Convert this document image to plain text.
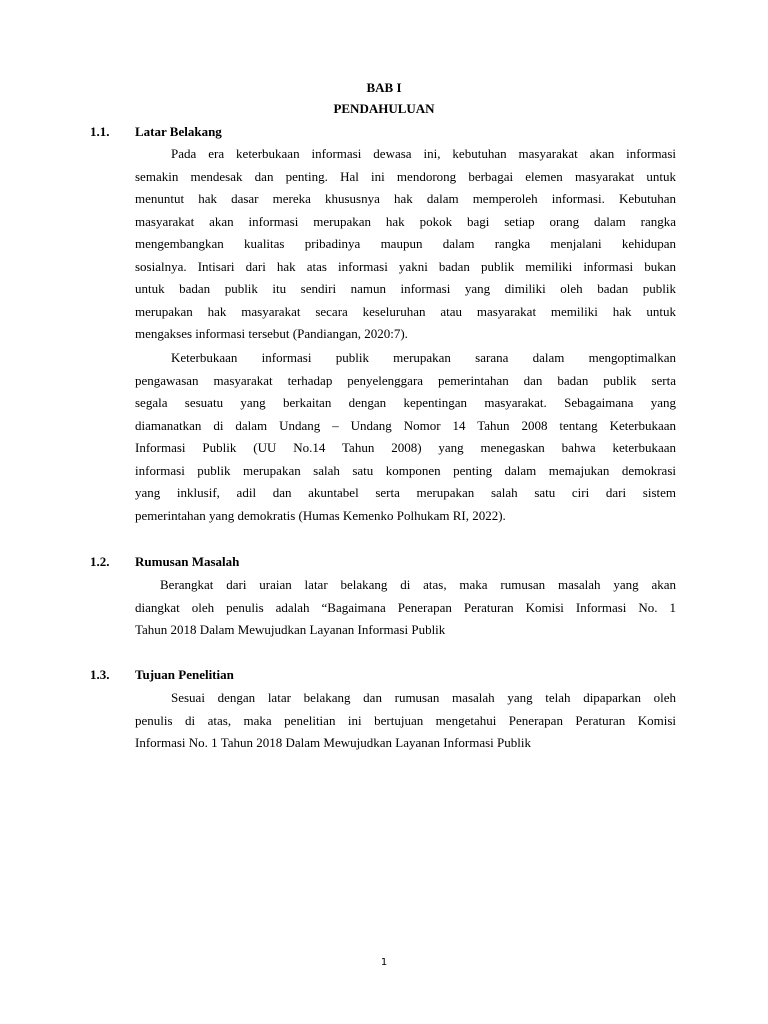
BAB I
PENDAHULUAN
1.1. Latar Belakang
Pada era keterbukaan informasi dewasa ini, kebutuhan masyarakat akan informasi
semakin mendesak dan penting. Hal ini mendorong berbagai elemen masyarakat untuk
menuntut hak dasar mereka khususnya hak dalam memperoleh informasi. Kebutuhan
masyarakat akan informasi merupakan hak pokok bagi setiap orang dalam rangka
mengembangkan kualitas pribadinya maupun dalam rangka menjalani kehidupan
sosialnya. Intisari dari hak atas informasi yakni badan publik memiliki informasi bukan
untuk badan publik itu sendiri namun informasi yang dimiliki oleh badan publik
merupakan hak masyarakat secara keseluruhan atau masyarakat memiliki hak untuk
mengakses informasi tersebut (Pandiangan, 2020:7).
Keterbukaan informasi publik merupakan sarana dalam mengoptimalkan
pengawasan masyarakat terhadap penyelenggara pemerintahan dan badan publik serta
segala sesuatu yang berkaitan dengan kepentingan masyarakat. Sebagaimana yang
diamanatkan di dalam Undang – Undang Nomor 14 Tahun 2008 tentang Keterbukaan
Informasi Publik (UU No.14 Tahun 2008) yang menegaskan bahwa keterbukaan
informasi publik merupakan salah satu komponen penting dalam memajukan demokrasi
yang inklusif, adil dan akuntabel serta merupakan salah satu ciri dari sistem
pemerintahan yang demokratis (Humas Kemenko Polhukam RI, 2022).
1.2. Rumusan Masalah
Berangkat dari uraian latar belakang di atas, maka rumusan masalah yang akan
diangkat oleh penulis adalah “Bagaimana Penerapan Peraturan Komisi Informasi No. 1
Tahun 2018 Dalam Mewujudkan Layanan Informasi Publik
1.3. Tujuan Penelitian
Sesuai dengan latar belakang dan rumusan masalah yang telah dipaparkan oleh
penulis di atas, maka penelitian ini bertujuan mengetahui Penerapan Peraturan Komisi
Informasi No. 1 Tahun 2018 Dalam Mewujudkan Layanan Informasi Publik
1
